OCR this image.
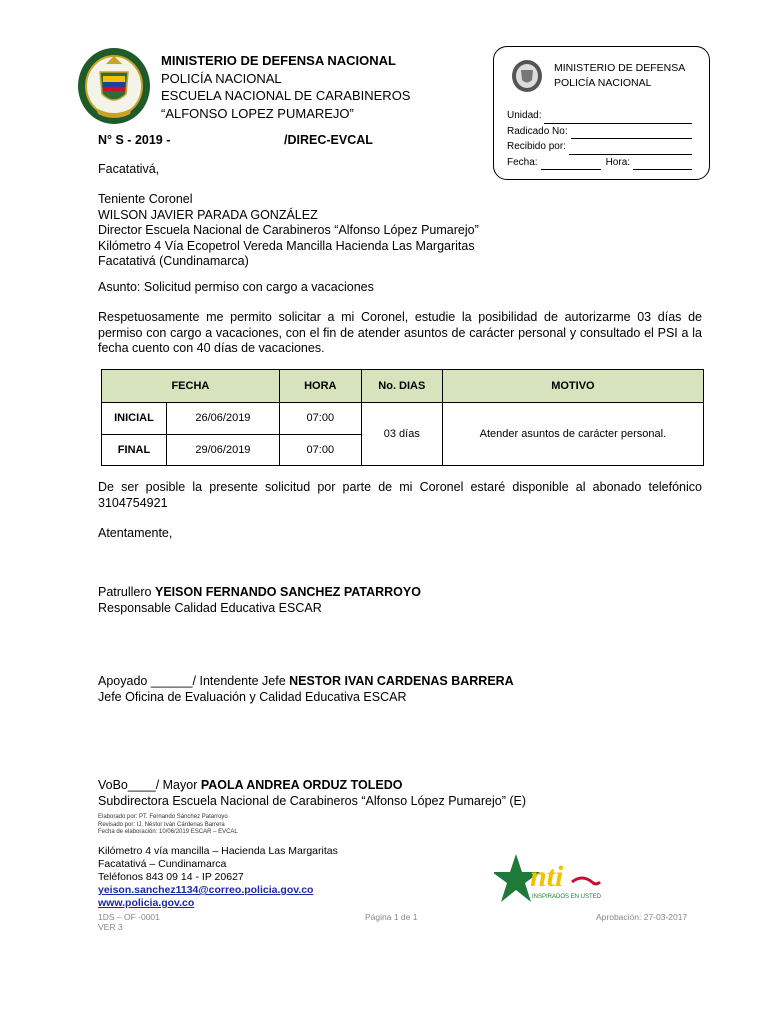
MINISTERIO DE DEFENSA NACIONAL
POLICÍA NACIONAL
ESCUELA NACIONAL DE CARABINEROS
“ALFONSO LOPEZ PUMAREJO”
MINISTERIO DE DEFENSA
POLICÍA NACIONAL
Unidad:
Radicado No:
Recibido por:
Fecha:	Hora:
N° S - 2019 -	/DIREC-EVCAL
Facatativá,
Teniente Coronel
WILSON JAVIER PARADA GONZÁLEZ
Director Escuela Nacional de Carabineros “Alfonso López Pumarejo”
Kilómetro 4 Vía Ecopetrol Vereda Mancilla Hacienda Las Margaritas
Facatativá (Cundinamarca)
Asunto: Solicitud permiso con cargo a vacaciones
Respetuosamente me permito solicitar a mi Coronel, estudie la posibilidad de autorizarme 03 días de permiso con cargo a vacaciones, con el fin de atender asuntos de carácter personal y consultado el PSI a la fecha cuento con 40 días de vacaciones.
FECHA		HORA	No. DIAS	MOTIVO
INICIAL	26/06/2019	07:00	03 días	Atender asuntos de carácter personal.
FINAL	29/06/2019	07:00		
De ser posible la presente solicitud por parte de mi Coronel estaré disponible al abonado telefónico 3104754921
Atentamente,
Patrullero YEISON FERNANDO SANCHEZ PATARROYO
Responsable Calidad Educativa ESCAR
Apoyado ______/ Intendente Jefe NESTOR IVAN CARDENAS BARRERA
Jefe Oficina de Evaluación y Calidad Educativa ESCAR
VoBo____/ Mayor PAOLA ANDREA ORDUZ TOLEDO
Subdirectora Escuela Nacional de Carabineros “Alfonso López Pumarejo” (E)
Elaborado por: PT. Fernando Sánchez Patarroyo
Revisado por: IJ. Néstor Iván Cárdenas Barrera
Fecha de elaboración: 10/06/2019 ESCAR – EVCAL
Kilómetro 4 vía mancilla – Hacienda Las Margaritas
Facatativá – Cundinamarca
Teléfonos 843 09 14 - IP 20627
yeison.sanchez1134@correo.policia.gov.co
www.policia.gov.co
nti
INSPIRADOS EN USTED
1DS – OF -0001
VER 3
Página 1 de 1	Aprobación: 27-03-2017
